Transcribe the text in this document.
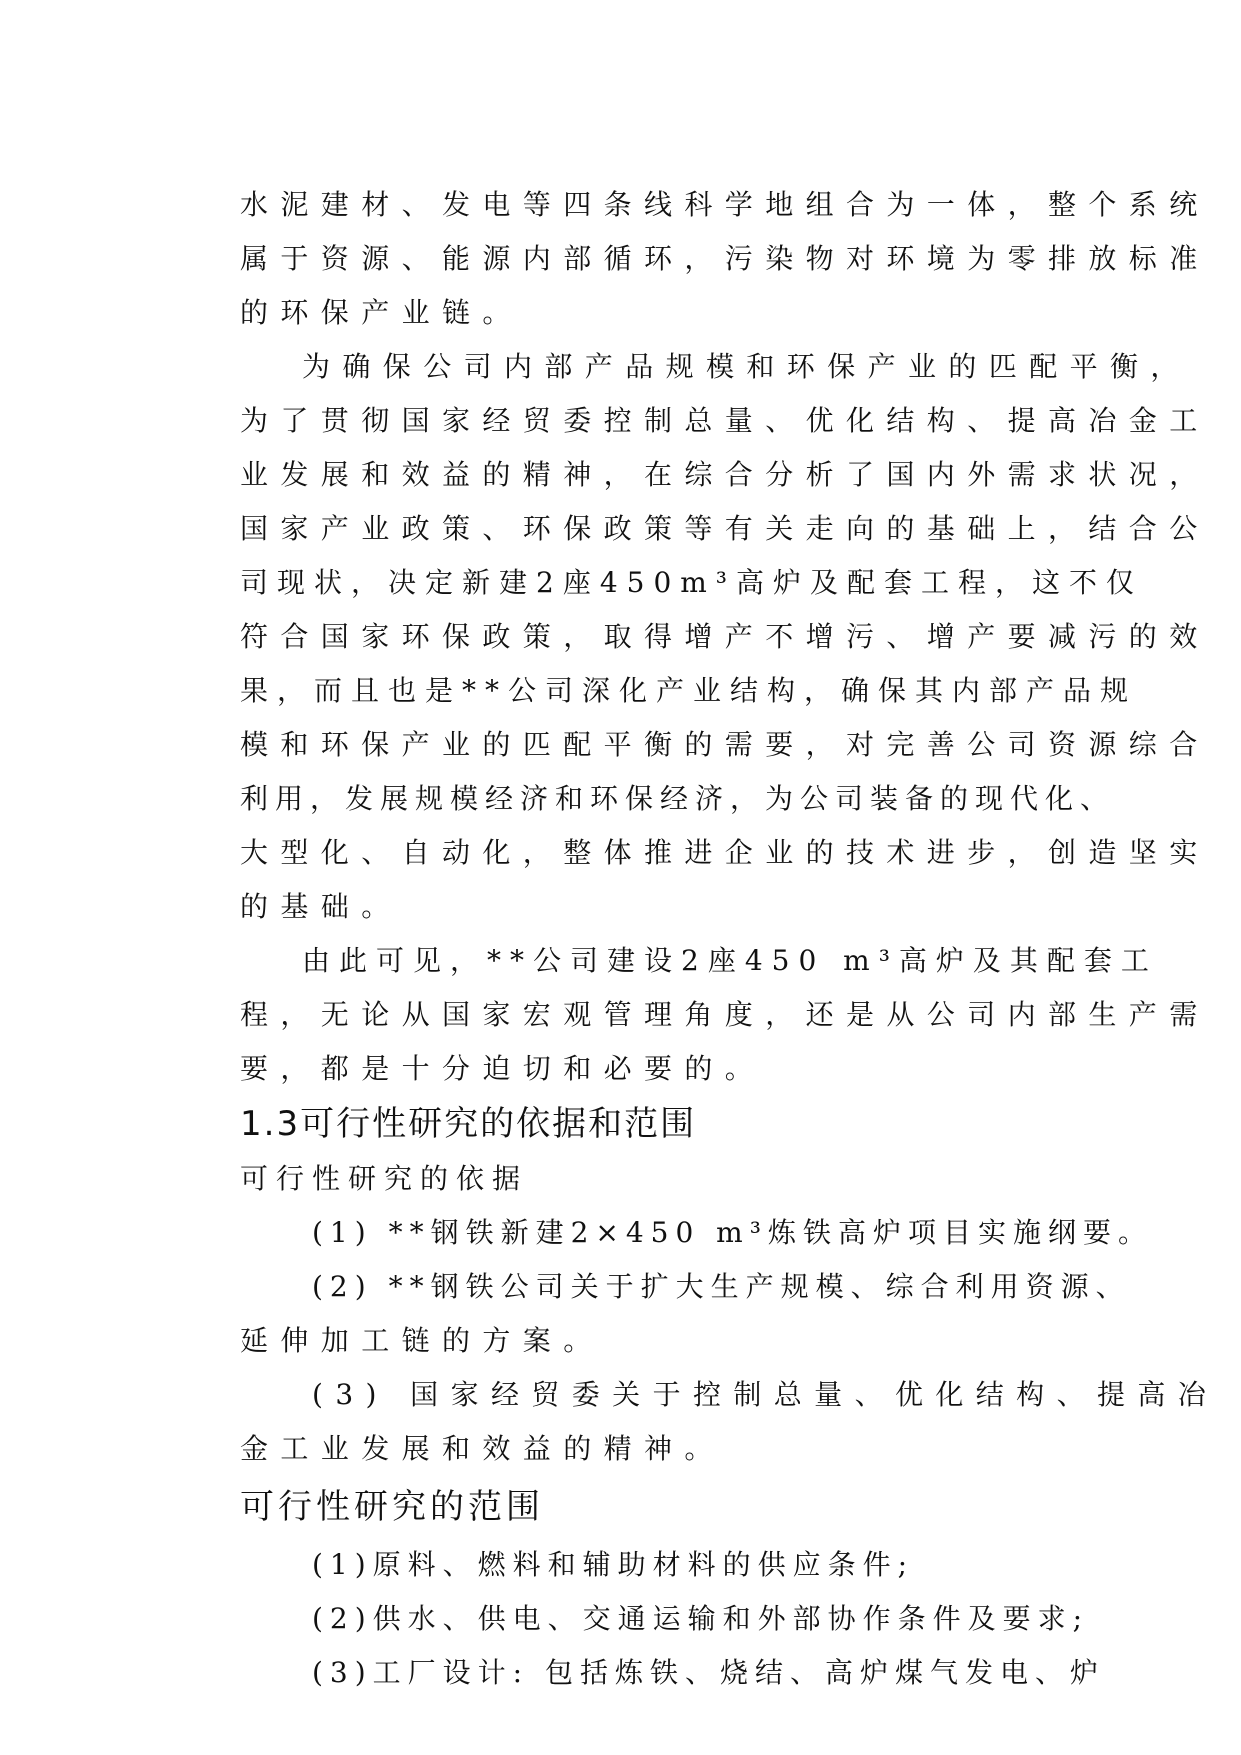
水泥建材、发电等四条线科学地组合为一体，整个系统
属于资源、能源内部循环，污染物对环境为零排放标准
的环保产业链。
为确保公司内部产品规模和环保产业的匹配平衡，
为了贯彻国家经贸委控制总量、优化结构、提高冶金工
业发展和效益的精神，在综合分析了国内外需求状况，
国家产业政策、环保政策等有关走向的基础上，结合公
司现状，决定新建2座450m³高炉及配套工程，这不仅
符合国家环保政策，取得增产不增污、增产要减污的效
果，而且也是**公司深化产业结构，确保其内部产品规
模和环保产业的匹配平衡的需要，对完善公司资源综合
利用，发展规模经济和环保经济，为公司装备的现代化、
大型化、自动化，整体推进企业的技术进步，创造坚实
的基础。
由此可见，**公司建设2座450 m³高炉及其配套工
程，无论从国家宏观管理角度，还是从公司内部生产需
要，都是十分迫切和必要的。
1.3可行性研究的依据和范围
可行性研究的依据
(1) **钢铁新建2×450 m³炼铁高炉项目实施纲要。
(2) **钢铁公司关于扩大生产规模、综合利用资源、
延伸加工链的方案。
(3) 国家经贸委关于控制总量、优化结构、提高冶
金工业发展和效益的精神。
可行性研究的范围
(1)原料、燃料和辅助材料的供应条件;
(2)供水、供电、交通运输和外部协作条件及要求;
(3)工厂设计: 包括炼铁、烧结、高炉煤气发电、炉
